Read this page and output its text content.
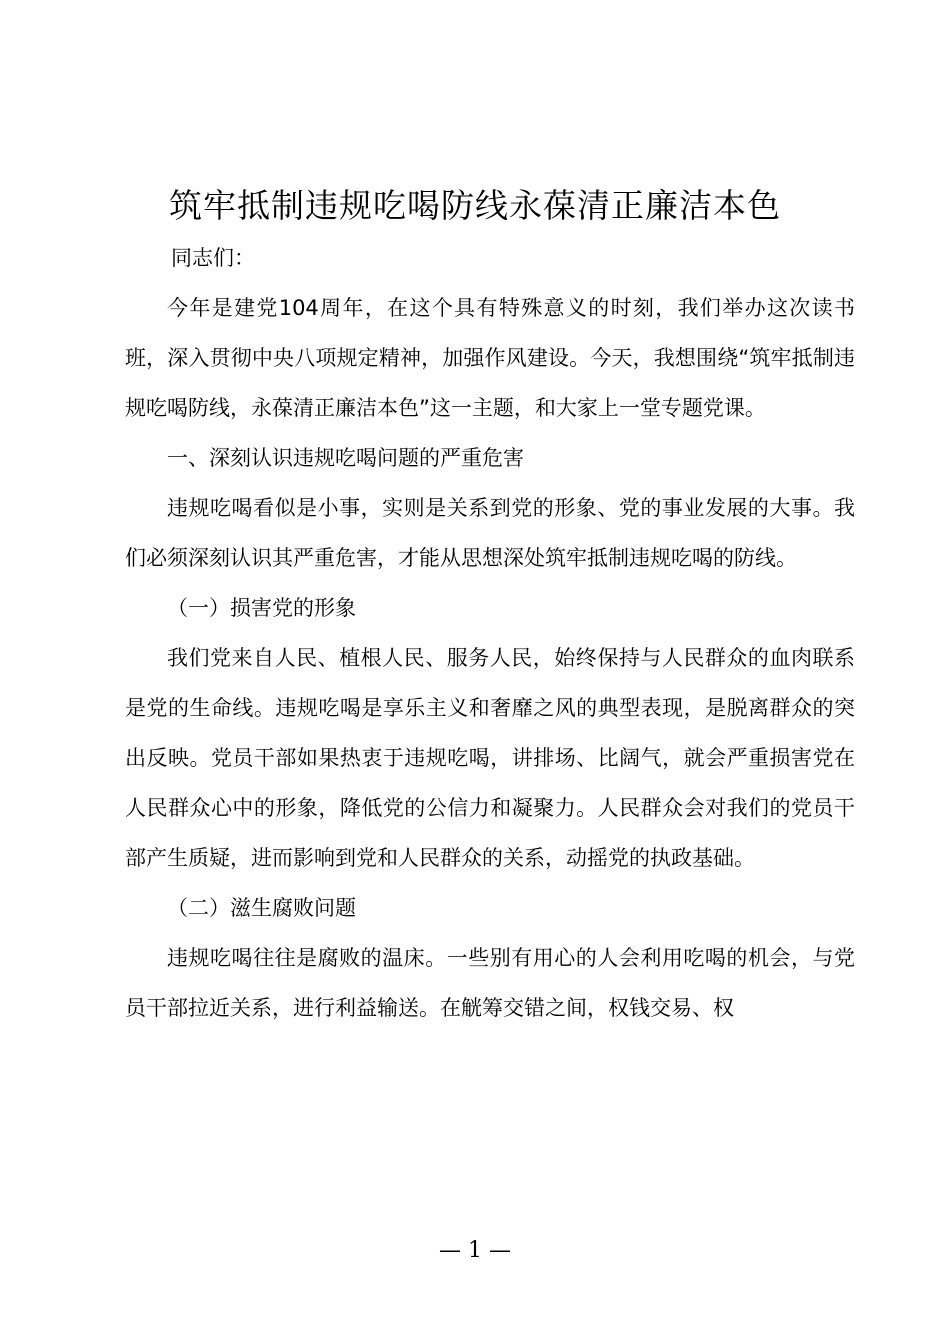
筑牢抵制违规吃喝防线永葆清正廉洁本色

同志们：

今年是建党104周年，在这个具有特殊意义的时刻，我们举办这次读书班，深入贯彻中央八项规定精神，加强作风建设。今天，我想围绕“筑牢抵制违规吃喝防线，永葆清正廉洁本色”这一主题，和大家上一堂专题党课。

一、深刻认识违规吃喝问题的严重危害

违规吃喝看似是小事，实则是关系到党的形象、党的事业发展的大事。我们必须深刻认识其严重危害，才能从思想深处筑牢抵制违规吃喝的防线。

（一）损害党的形象

我们党来自人民、植根人民、服务人民，始终保持与人民群众的血肉联系是党的生命线。违规吃喝是享乐主义和奢靡之风的典型表现，是脱离群众的突出反映。党员干部如果热衷于违规吃喝，讲排场、比阔气，就会严重损害党在人民群众心中的形象，降低党的公信力和凝聚力。人民群众会对我们的党员干部产生质疑，进而影响到党和人民群众的关系，动摇党的执政基础。

（二）滋生腐败问题

违规吃喝往往是腐败的温床。一些别有用心的人会利用吃喝的机会，与党员干部拉近关系，进行利益输送。在觥筹交错之间，权钱交易、权

— 1 —
